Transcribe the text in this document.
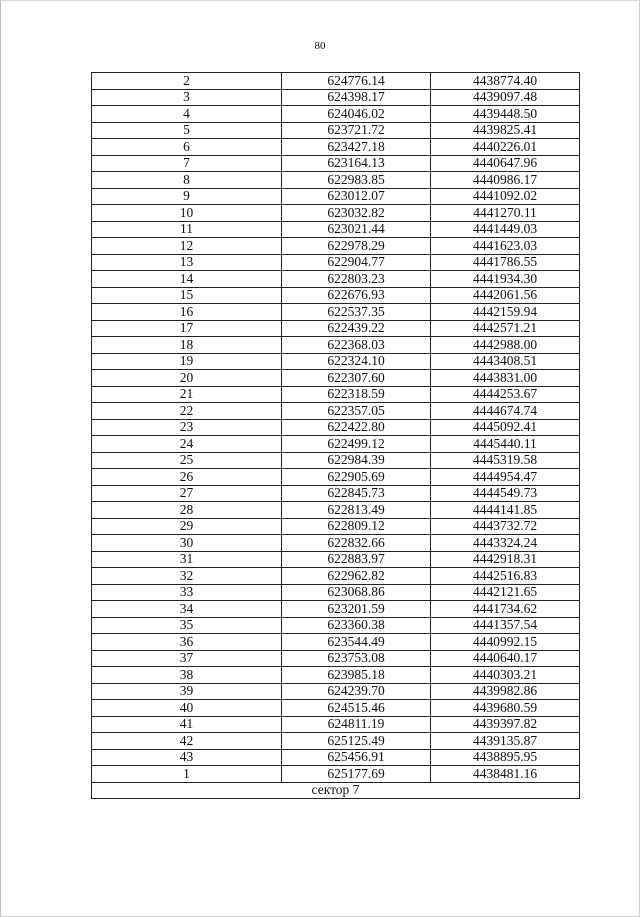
80
2	624776.14	4438774.40
3	624398.17	4439097.48
4	624046.02	4439448.50
5	623721.72	4439825.41
6	623427.18	4440226.01
7	623164.13	4440647.96
8	622983.85	4440986.17
9	623012.07	4441092.02
10	623032.82	4441270.11
11	623021.44	4441449.03
12	622978.29	4441623.03
13	622904.77	4441786.55
14	622803.23	4441934.30
15	622676.93	4442061.56
16	622537.35	4442159.94
17	622439.22	4442571.21
18	622368.03	4442988.00
19	622324.10	4443408.51
20	622307.60	4443831.00
21	622318.59	4444253.67
22	622357.05	4444674.74
23	622422.80	4445092.41
24	622499.12	4445440.11
25	622984.39	4445319.58
26	622905.69	4444954.47
27	622845.73	4444549.73
28	622813.49	4444141.85
29	622809.12	4443732.72
30	622832.66	4443324.24
31	622883.97	4442918.31
32	622962.82	4442516.83
33	623068.86	4442121.65
34	623201.59	4441734.62
35	623360.38	4441357.54
36	623544.49	4440992.15
37	623753.08	4440640.17
38	623985.18	4440303.21
39	624239.70	4439982.86
40	624515.46	4439680.59
41	624811.19	4439397.82
42	625125.49	4439135.87
43	625456.91	4438895.95
1	625177.69	4438481.16
сектор 7		
